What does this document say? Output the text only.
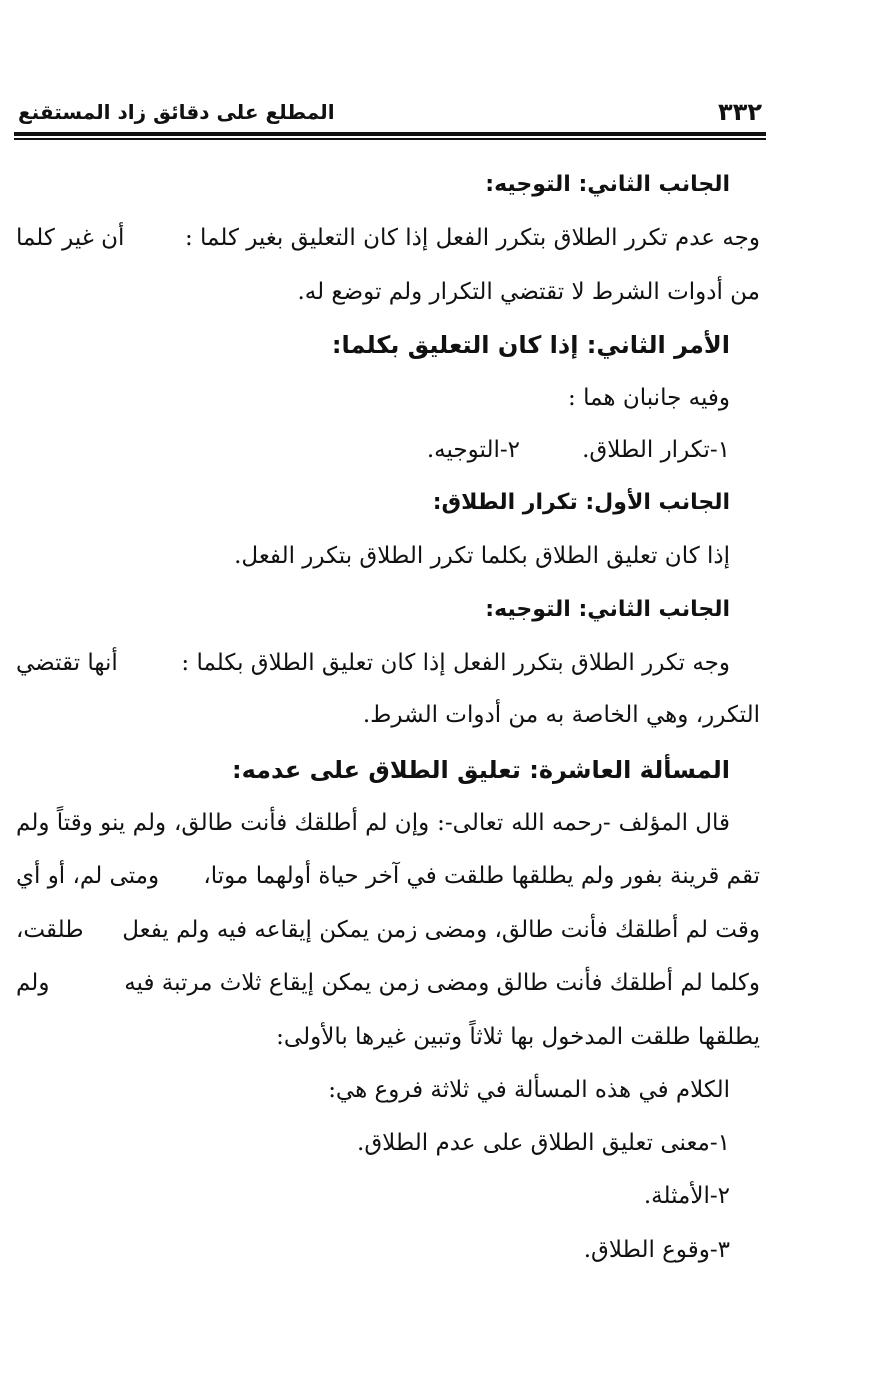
٣٣٢
المطلع على دقائق زاد المستقنع
الجانب الثاني: التوجيه:
وجه عدم تكرر الطلاق بتكرر الفعل إذا كان التعليق بغير كلما :
أن غير كلما
من أدوات الشرط لا تقتضي التكرار ولم توضع له.
الأمر الثاني: إذا كان التعليق بكلما:
وفيه جانبان هما :
١-تكرار الطلاق.
٢-التوجيه.
الجانب الأول: تكرار الطلاق:
إذا كان تعليق الطلاق بكلما تكرر الطلاق بتكرر الفعل.
الجانب الثاني: التوجيه:
وجه تكرر الطلاق بتكرر الفعل إذا كان تعليق الطلاق بكلما :
أنها تقتضي
التكرر، وهي الخاصة به من أدوات الشرط.
المسألة العاشرة: تعليق الطلاق على عدمه:
قال المؤلف
-رحمه الله
تعالى-:
وإن لم أطلقك فأنت طالق،
ولم ينو وقتاً ولم
تقم قرينة بفور ولم يطلقها طلقت في آخر حياة أولهما موتا،
ومتى لم، أو أي
وقت لم أطلقك فأنت طالق، ومضى زمن يمكن إيقاعه فيه ولم يفعل
طلقت،
وكلما لم أطلقك فأنت طالق ومضى زمن يمكن إيقاع ثلاث مرتبة فيه
ولم
يطلقها طلقت المدخول بها ثلاثاً وتبين غيرها بالأولى:
الكلام في هذه المسألة في ثلاثة فروع هي:
١-معنى تعليق الطلاق على عدم الطلاق.
٢-الأمثلة.
٣-وقوع الطلاق.
